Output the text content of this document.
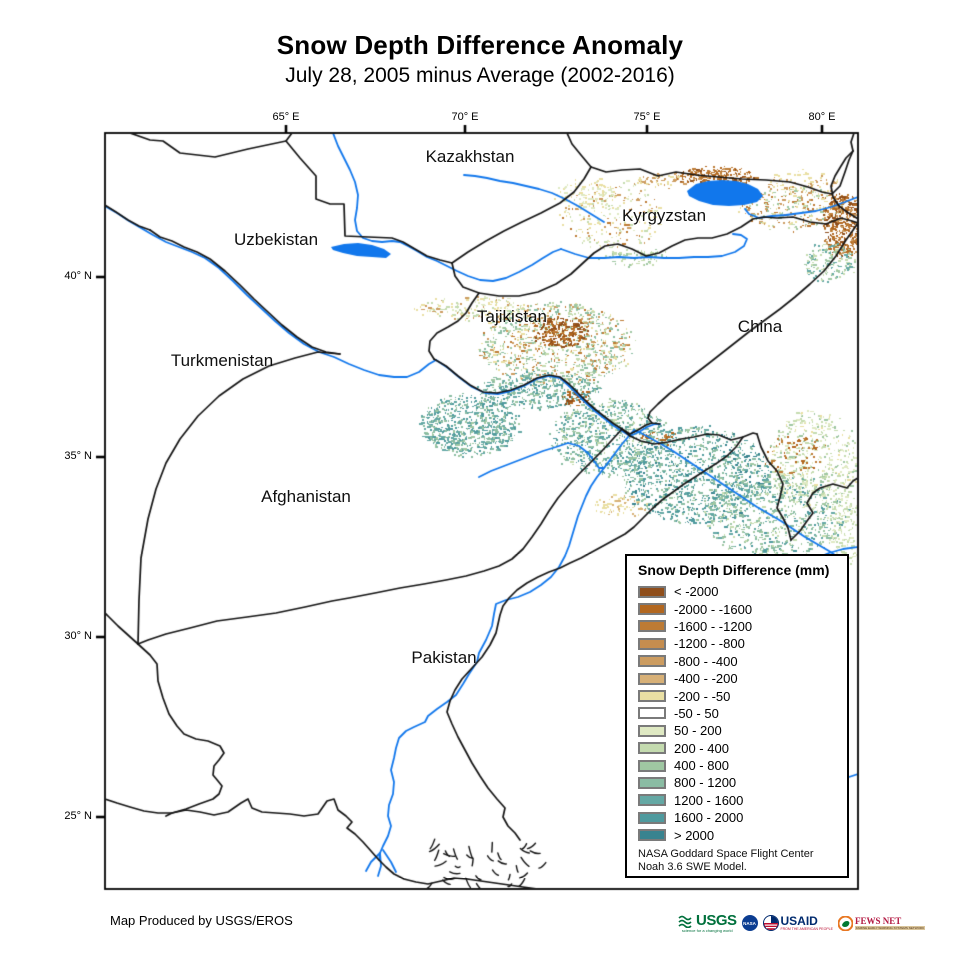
Snow Depth Difference Anomaly
July 28, 2005 minus Average (2002-2016)
65° E	70° E	75° E	80° E
40° N
35° N
30° N
25° N
Kazakhstan
Kyrgyzstan
Uzbekistan
Tajikistan
China
Turkmenistan
Afghanistan
Pakistan
Snow Depth Difference (mm)
< -2000
-2000 - -1600
-1600 - -1200
-1200 - -800
-800 - -400
-400 - -200
-200 - -50
-50 - 50
50 - 200
200 - 400
400 - 800
800 - 1200
1200 - 1600
1600 - 2000
> 2000
NASA Goddard Space Flight Center
Noah 3.6 SWE Model.
Map Produced by USGS/EROS	USGS
science for a changing world
NASA USAID
FROM THE AMERICAN PEOPLE
FEWS NET
FAMINE EARLY WARNING SYSTEMS NETWORK
